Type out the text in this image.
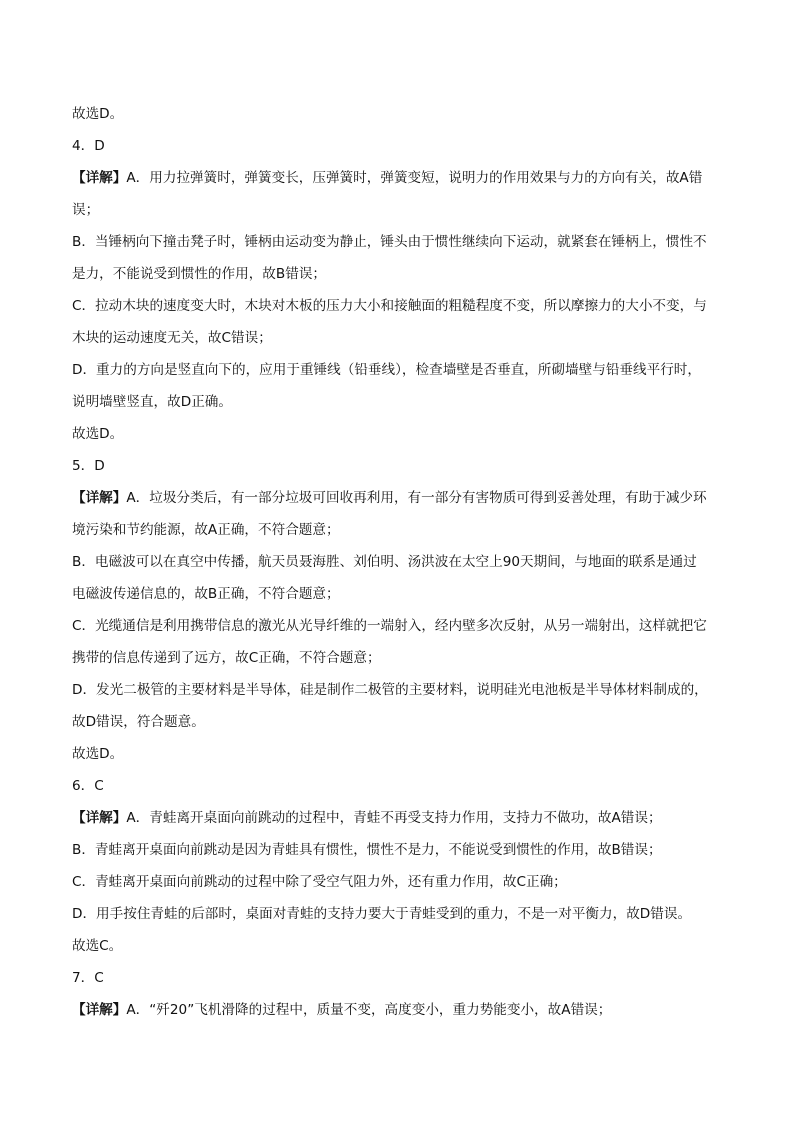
故选D。
4．D
【详解】A．用力拉弹簧时，弹簧变长，压弹簧时，弹簧变短，说明力的作用效果与力的方向有关，故A错
误；
B．当锤柄向下撞击凳子时，锤柄由运动变为静止，锤头由于惯性继续向下运动，就紧套在锤柄上，惯性不
是力，不能说受到惯性的作用，故B错误；
C．拉动木块的速度变大时，木块对木板的压力大小和接触面的粗糙程度不变，所以摩擦力的大小不变，与
木块的运动速度无关，故C错误；
D．重力的方向是竖直向下的，应用于重锤线（铅垂线），检查墙壁是否垂直，所砌墙壁与铅垂线平行时，
说明墙壁竖直，故D正确。
故选D。
5．D
【详解】A．垃圾分类后，有一部分垃圾可回收再利用，有一部分有害物质可得到妥善处理，有助于减少环
境污染和节约能源，故A正确，不符合题意；
B．电磁波可以在真空中传播，航天员聂海胜、刘伯明、汤洪波在太空上90天期间，与地面的联系是通过
电磁波传递信息的，故B正确，不符合题意；
C．光缆通信是利用携带信息的激光从光导纤维的一端射入，经内壁多次反射，从另一端射出，这样就把它
携带的信息传递到了远方，故C正确，不符合题意；
D．发光二极管的主要材料是半导体，硅是制作二极管的主要材料，说明硅光电池板是半导体材料制成的，
故D错误，符合题意。
故选D。
6．C
【详解】A．青蛙离开桌面向前跳动的过程中，青蛙不再受支持力作用，支持力不做功，故A错误；
B．青蛙离开桌面向前跳动是因为青蛙具有惯性，惯性不是力，不能说受到惯性的作用，故B错误；
C．青蛙离开桌面向前跳动的过程中除了受空气阻力外，还有重力作用，故C正确；
D．用手按住青蛙的后部时，桌面对青蛙的支持力要大于青蛙受到的重力，不是一对平衡力，故D错误。
故选C。
7．C
【详解】A．“歼20”飞机滑降的过程中，质量不变，高度变小，重力势能变小，故A错误；
